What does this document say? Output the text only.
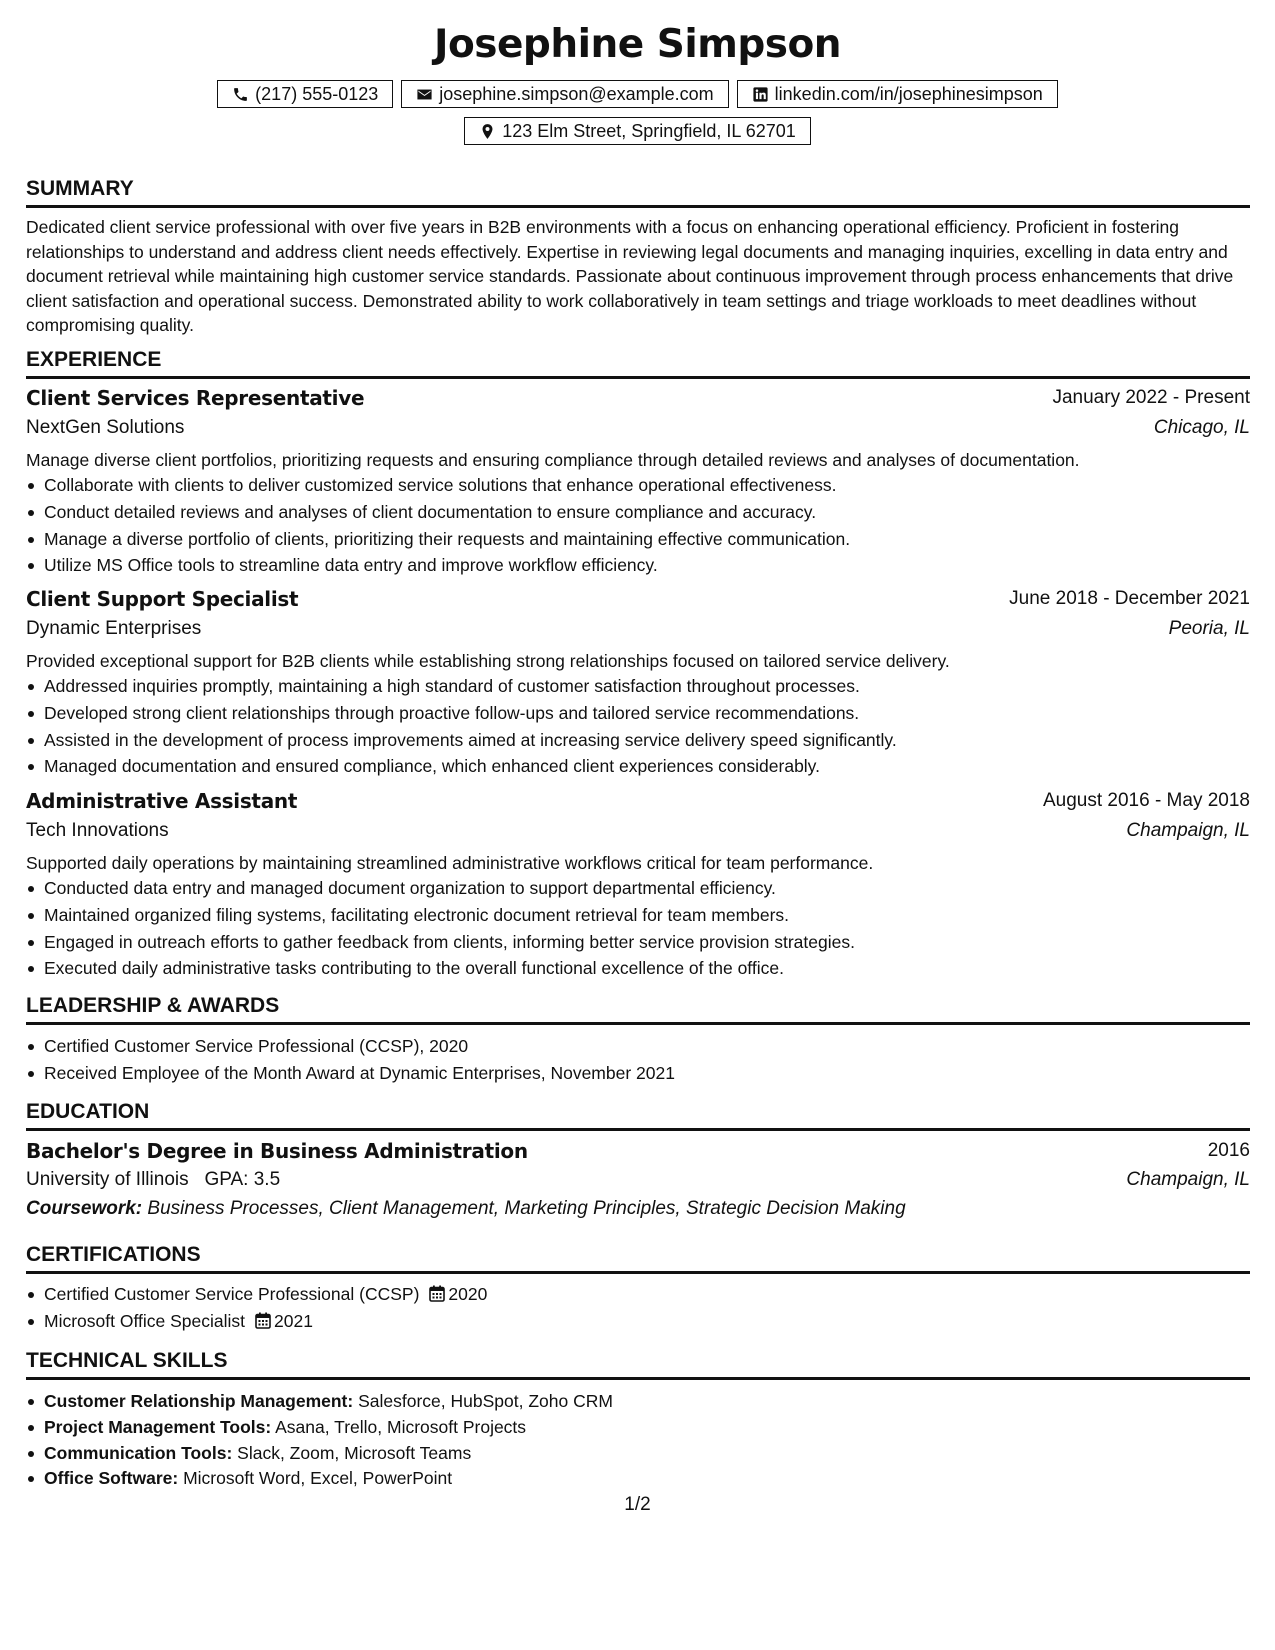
Josephine Simpson
(217) 555-0123	josephine.simpson@example.com	linkedin.com/in/josephinesimpson
123 Elm Street, Springfield, IL 62701
SUMMARY
Dedicated client service professional with over five years in B2B environments with a focus on enhancing operational efficiency. Proficient in fostering relationships to understand and address client needs effectively. Expertise in reviewing legal documents and managing inquiries, excelling in data entry and document retrieval while maintaining high customer service standards. Passionate about continuous improvement through process enhancements that drive client satisfaction and operational success. Demonstrated ability to work collaboratively in team settings and triage workloads to meet deadlines without compromising quality.
EXPERIENCE
Client Services Representative	January 2022 - Present
NextGen Solutions	Chicago, IL
Manage diverse client portfolios, prioritizing requests and ensuring compliance through detailed reviews and analyses of documentation.
Collaborate with clients to deliver customized service solutions that enhance operational effectiveness.
Conduct detailed reviews and analyses of client documentation to ensure compliance and accuracy.
Manage a diverse portfolio of clients, prioritizing their requests and maintaining effective communication.
Utilize MS Office tools to streamline data entry and improve workflow efficiency.
Client Support Specialist	June 2018 - December 2021
Dynamic Enterprises	Peoria, IL
Provided exceptional support for B2B clients while establishing strong relationships focused on tailored service delivery.
Addressed inquiries promptly, maintaining a high standard of customer satisfaction throughout processes.
Developed strong client relationships through proactive follow-ups and tailored service recommendations.
Assisted in the development of process improvements aimed at increasing service delivery speed significantly.
Managed documentation and ensured compliance, which enhanced client experiences considerably.
Administrative Assistant	August 2016 - May 2018
Tech Innovations	Champaign, IL
Supported daily operations by maintaining streamlined administrative workflows critical for team performance.
Conducted data entry and managed document organization to support departmental efficiency.
Maintained organized filing systems, facilitating electronic document retrieval for team members.
Engaged in outreach efforts to gather feedback from clients, informing better service provision strategies.
Executed daily administrative tasks contributing to the overall functional excellence of the office.
LEADERSHIP & AWARDS
Certified Customer Service Professional (CCSP), 2020
Received Employee of the Month Award at Dynamic Enterprises, November 2021
EDUCATION
Bachelor's Degree in Business Administration	2016
University of Illinois GPA: 3.5	Champaign, IL
Coursework: Business Processes, Client Management, Marketing Principles, Strategic Decision Making
CERTIFICATIONS
Certified Customer Service Professional (CCSP) 2020
Microsoft Office Specialist 2021
TECHNICAL SKILLS
Customer Relationship Management: Salesforce, HubSpot, Zoho CRM
Project Management Tools: Asana, Trello, Microsoft Projects
Communication Tools: Slack, Zoom, Microsoft Teams
Office Software: Microsoft Word, Excel, PowerPoint
1/2
